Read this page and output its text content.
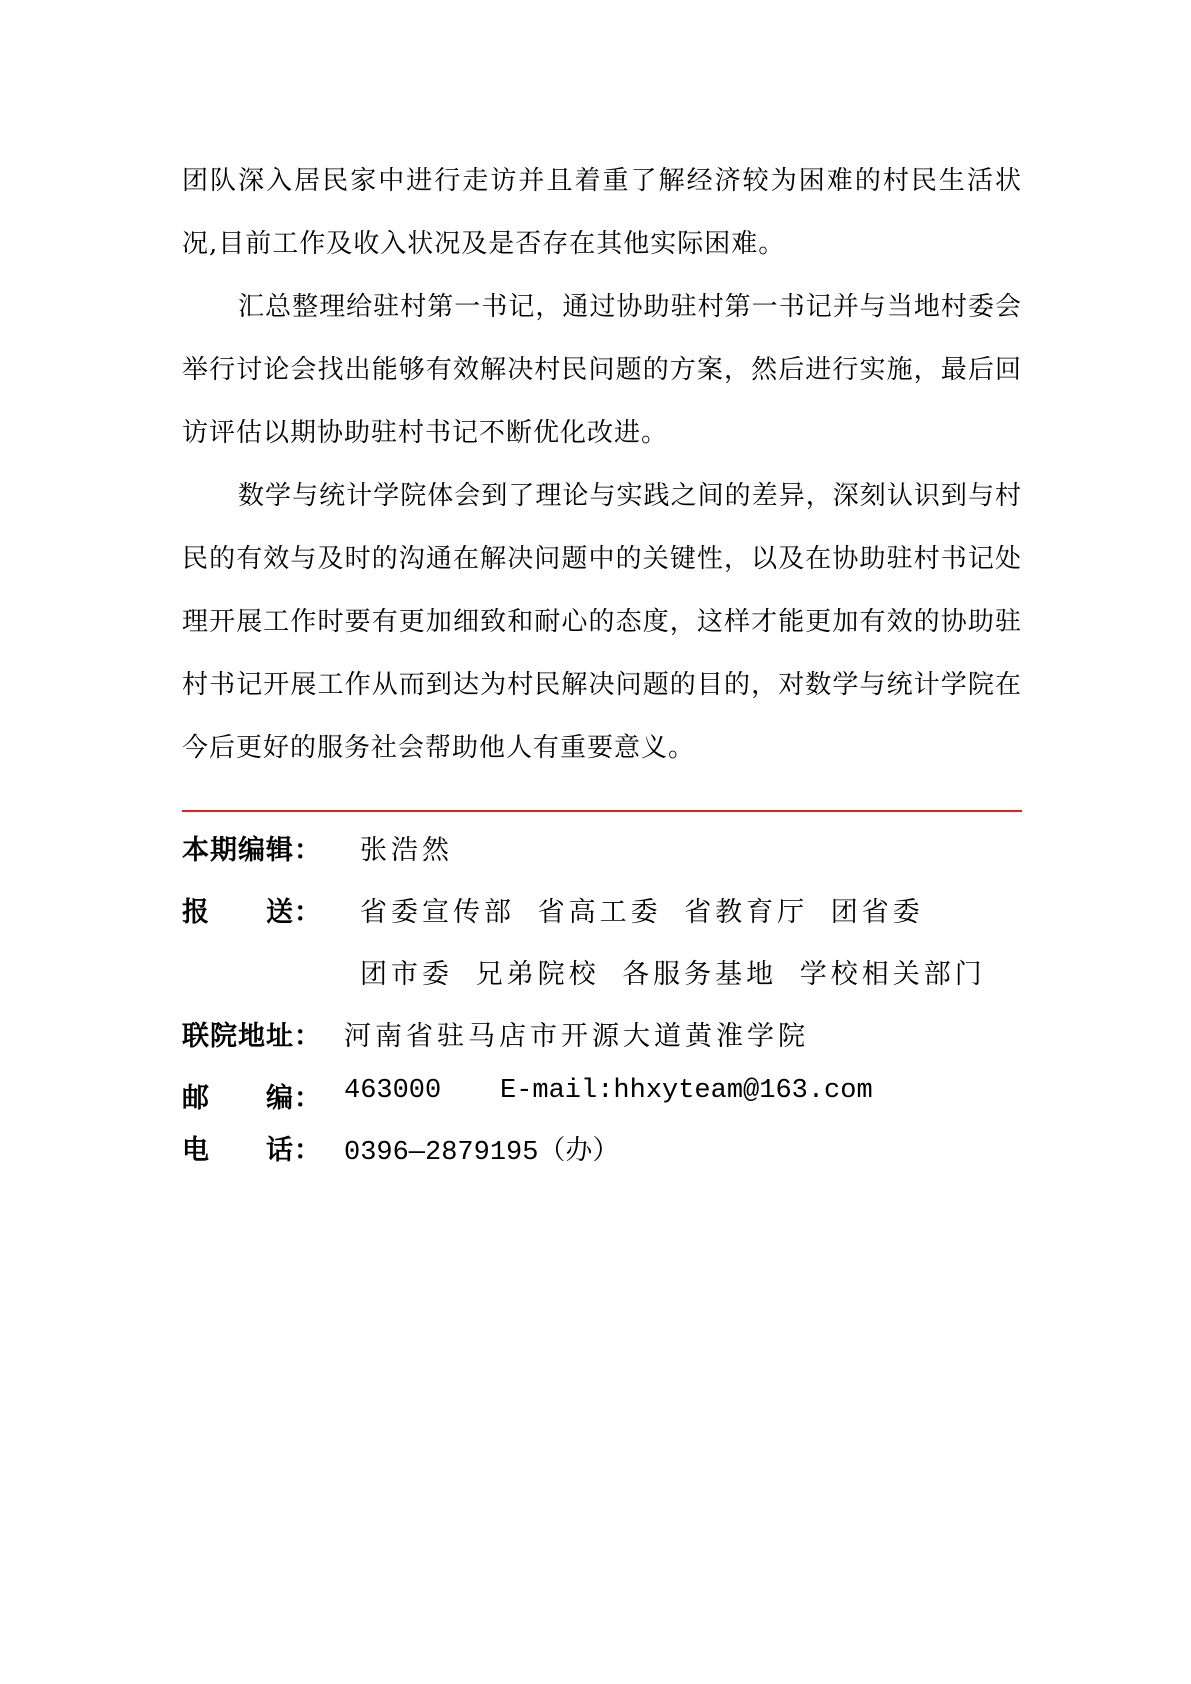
团队深入居民家中进行走访并且着重了解经济较为困难的村民生活状况,目前工作及收入状况及是否存在其他实际困难。

汇总整理给驻村第一书记，通过协助驻村第一书记并与当地村委会举行讨论会找出能够有效解决村民问题的方案，然后进行实施，最后回访评估以期协助驻村书记不断优化改进。

数学与统计学院体会到了理论与实践之间的差异，深刻认识到与村民的有效与及时的沟通在解决问题中的关键性，以及在协助驻村书记处理开展工作时要有更加细致和耐心的态度，这样才能更加有效的协助驻村书记开展工作从而到达为村民解决问题的目的，对数学与统计学院在今后更好的服务社会帮助他人有重要意义。

本期编辑： 张浩然
报　　送： 省委宣传部 省高工委 省教育厅 团省委
团市委 兄弟院校 各服务基地 学校相关部门
联院地址： 河南省驻马店市开源大道黄淮学院
邮　　编： 463000 E-mail:hhxyteam@163.com
电　　话： 0396—2879195（办）
